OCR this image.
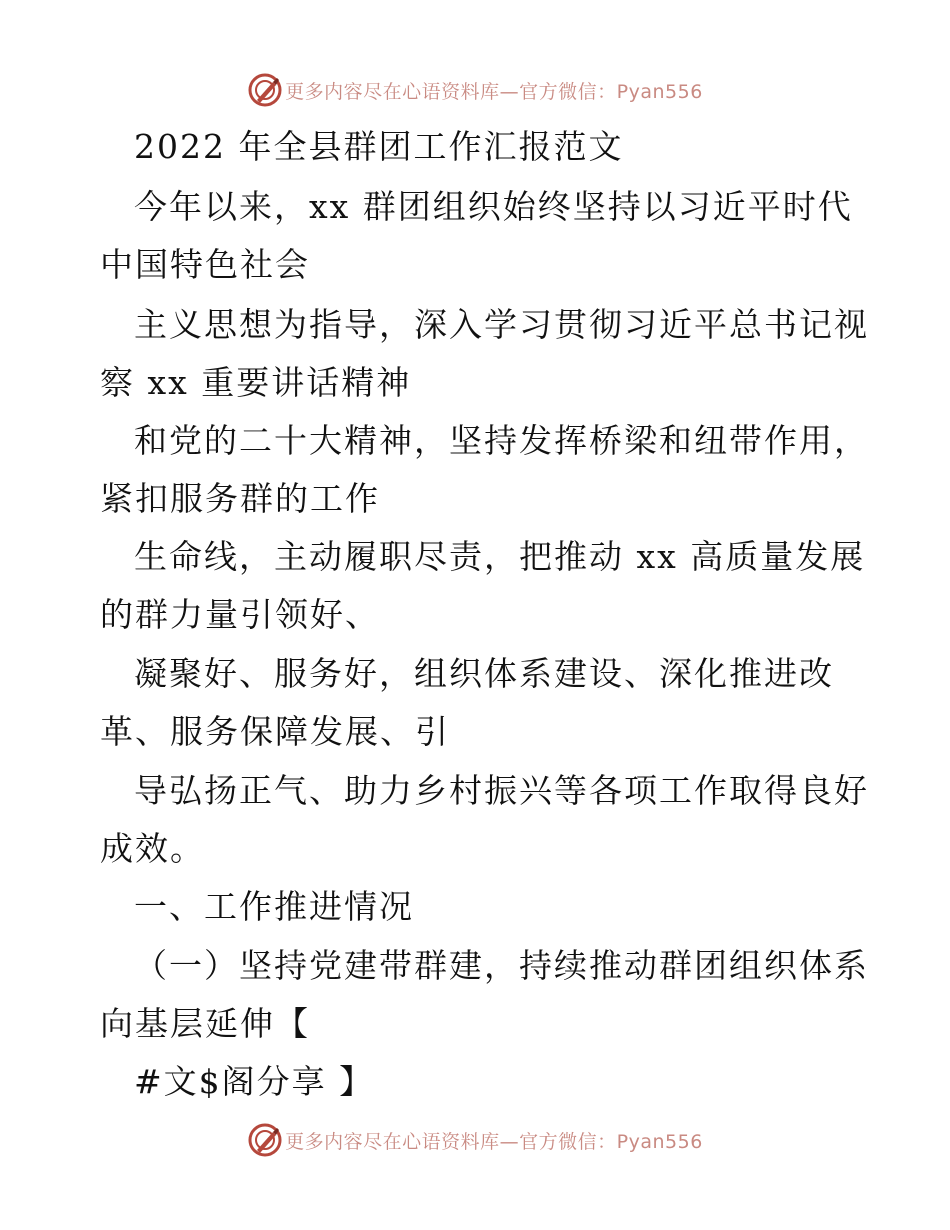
更多内容尽在心语资料库—官方微信：Pyan556
2022 年全县群团工作汇报范文
今年以来，xx 群团组织始终坚持以习近平时代
中国特色社会
主义思想为指导，深入学习贯彻习近平总书记视
察 xx 重要讲话精神
和党的二十大精神，坚持发挥桥梁和纽带作用，
紧扣服务群的工作
生命线，主动履职尽责，把推动 xx 高质量发展
的群力量引领好、
凝聚好、服务好，组织体系建设、深化推进改
革、服务保障发展、引
导弘扬正气、助力乡村振兴等各项工作取得良好
成效。
一、工作推进情况
（一）坚持党建带群建，持续推动群团组织体系
向基层延伸【
#文$阁分享 】
更多内容尽在心语资料库—官方微信：Pyan556
